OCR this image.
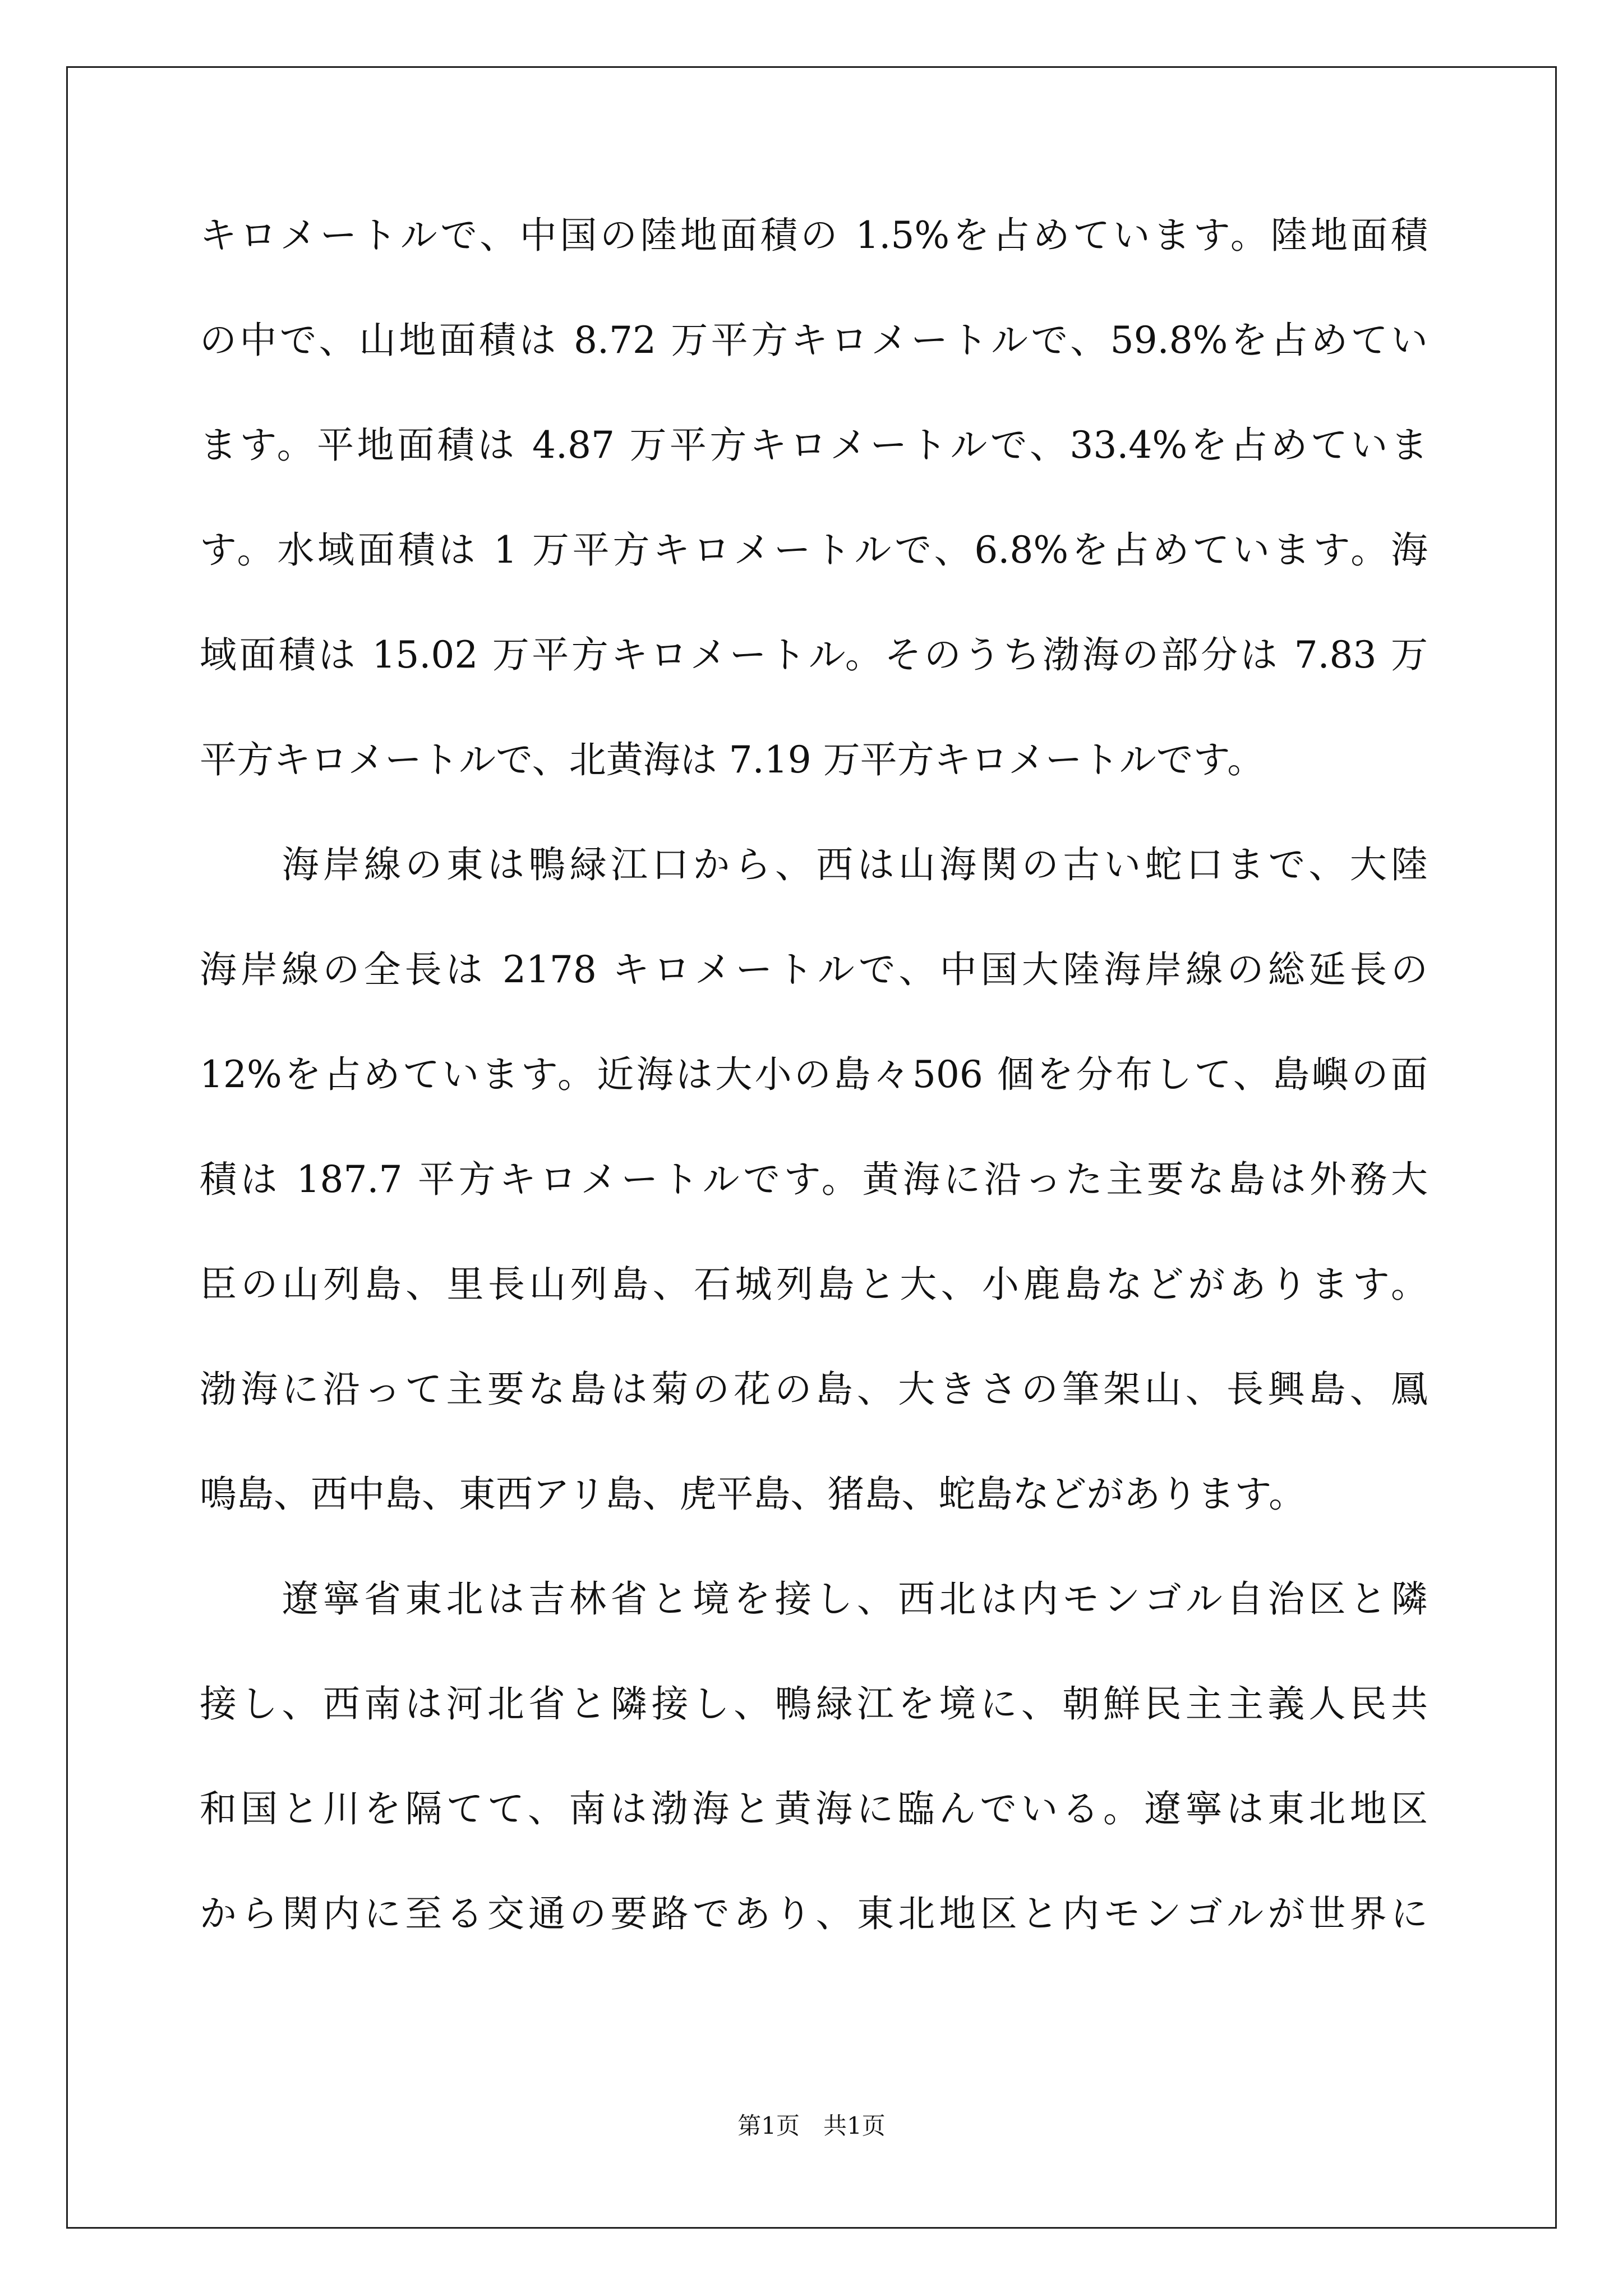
キロメートルで、中国の陸地面積の 1.5%を占めています。陸地面積
の中で、山地面積は 8.72 万平方キロメートルで、59.8%を占めてい
ます。平地面積は 4.87 万平方キロメートルで、33.4%を占めていま
す。水域面積は 1 万平方キロメートルで、6.8%を占めています。海
域面積は 15.02 万平方キロメートル。そのうち渤海の部分は 7.83 万
平方キロメートルで、北黄海は 7.19 万平方キロメートルです。
　　海岸線の東は鴨緑江口から、西は山海関の古い蛇口まで、大陸
海岸線の全長は 2178 キロメートルで、中国大陸海岸線の総延長の
12%を占めています。近海は大小の島々506 個を分布して、島嶼の面
積は 187.7 平方キロメートルです。黄海に沿った主要な島は外務大
臣の山列島、里長山列島、石城列島と大、小鹿島などがあります。
渤海に沿って主要な島は菊の花の島、大きさの筆架山、長興島、鳳
鳴島、西中島、東西アリ島、虎平島、猪島、蛇島などがあります。
　　遼寧省東北は吉林省と境を接し、西北は内モンゴル自治区と隣
接し、西南は河北省と隣接し、鴨緑江を境に、朝鮮民主主義人民共
和国と川を隔てて、南は渤海と黄海に臨んでいる。遼寧は東北地区
から関内に至る交通の要路であり、東北地区と内モンゴルが世界に
第1页　共1页
